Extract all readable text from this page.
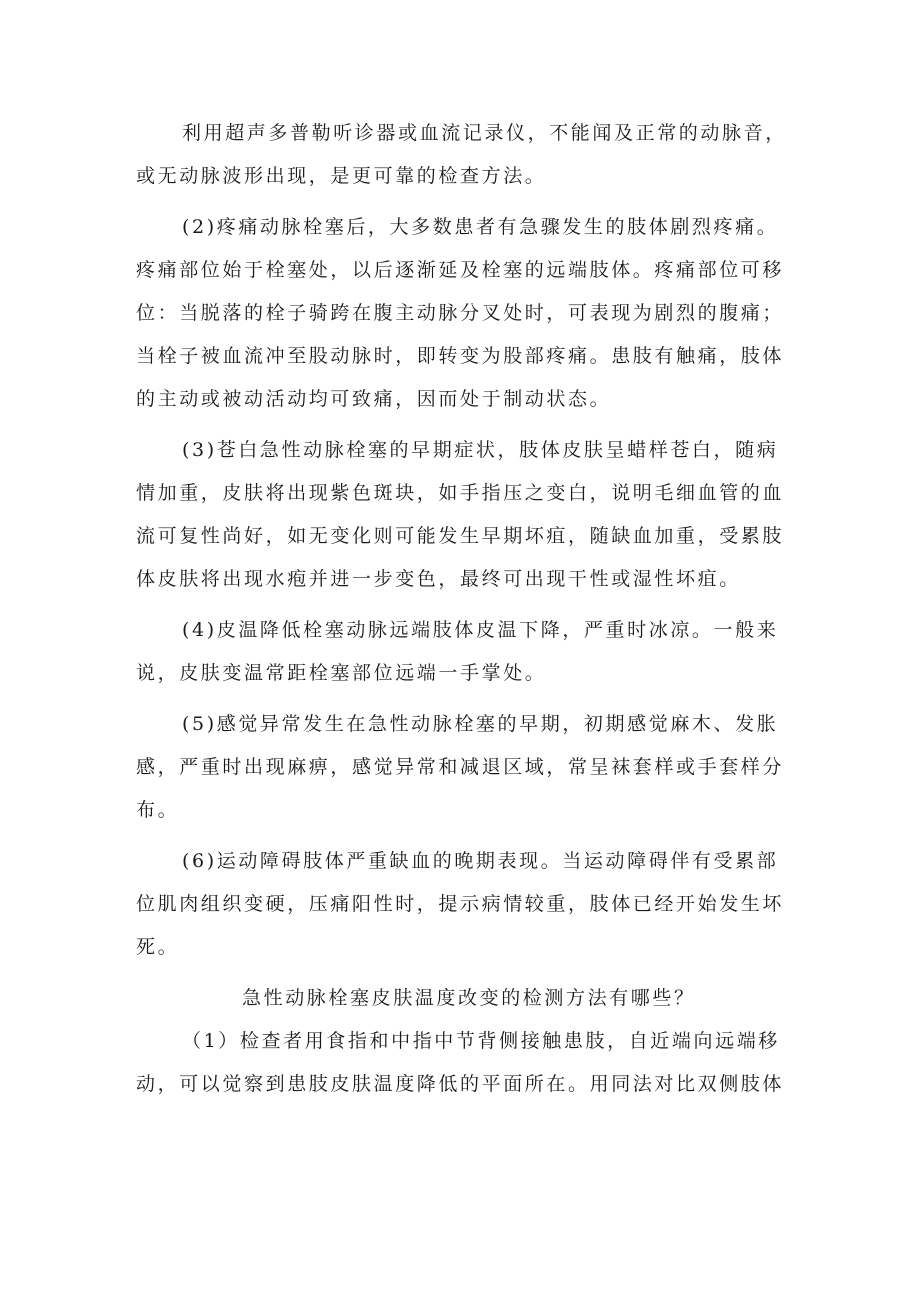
利用超声多普勒听诊器或血流记录仪，不能闻及正常的动脉音，
或无动脉波形出现，是更可靠的检查方法。
(2)疼痛动脉栓塞后，大多数患者有急骤发生的肢体剧烈疼痛。
疼痛部位始于栓塞处，以后逐渐延及栓塞的远端肢体。疼痛部位可移
位：当脱落的栓子骑跨在腹主动脉分叉处时，可表现为剧烈的腹痛；
当栓子被血流冲至股动脉时，即转变为股部疼痛。患肢有触痛，肢体
的主动或被动活动均可致痛，因而处于制动状态。
(3)苍白急性动脉栓塞的早期症状，肢体皮肤呈蜡样苍白，随病
情加重，皮肤将出现紫色斑块，如手指压之变白，说明毛细血管的血
流可复性尚好，如无变化则可能发生早期坏疽，随缺血加重，受累肢
体皮肤将出现水疱并进一步变色，最终可出现干性或湿性坏疽。
(4)皮温降低栓塞动脉远端肢体皮温下降，严重时冰凉。一般来
说，皮肤变温常距栓塞部位远端一手掌处。
(5)感觉异常发生在急性动脉栓塞的早期，初期感觉麻木、发胀
感，严重时出现麻痹，感觉异常和减退区域，常呈袜套样或手套样分
布。
(6)运动障碍肢体严重缺血的晚期表现。当运动障碍伴有受累部
位肌肉组织变硬，压痛阳性时，提示病情较重，肢体已经开始发生坏
死。
急性动脉栓塞皮肤温度改变的检测方法有哪些？
（1）检查者用食指和中指中节背侧接触患肢，自近端向远端移
动，可以觉察到患肢皮肤温度降低的平面所在。用同法对比双侧肢体
